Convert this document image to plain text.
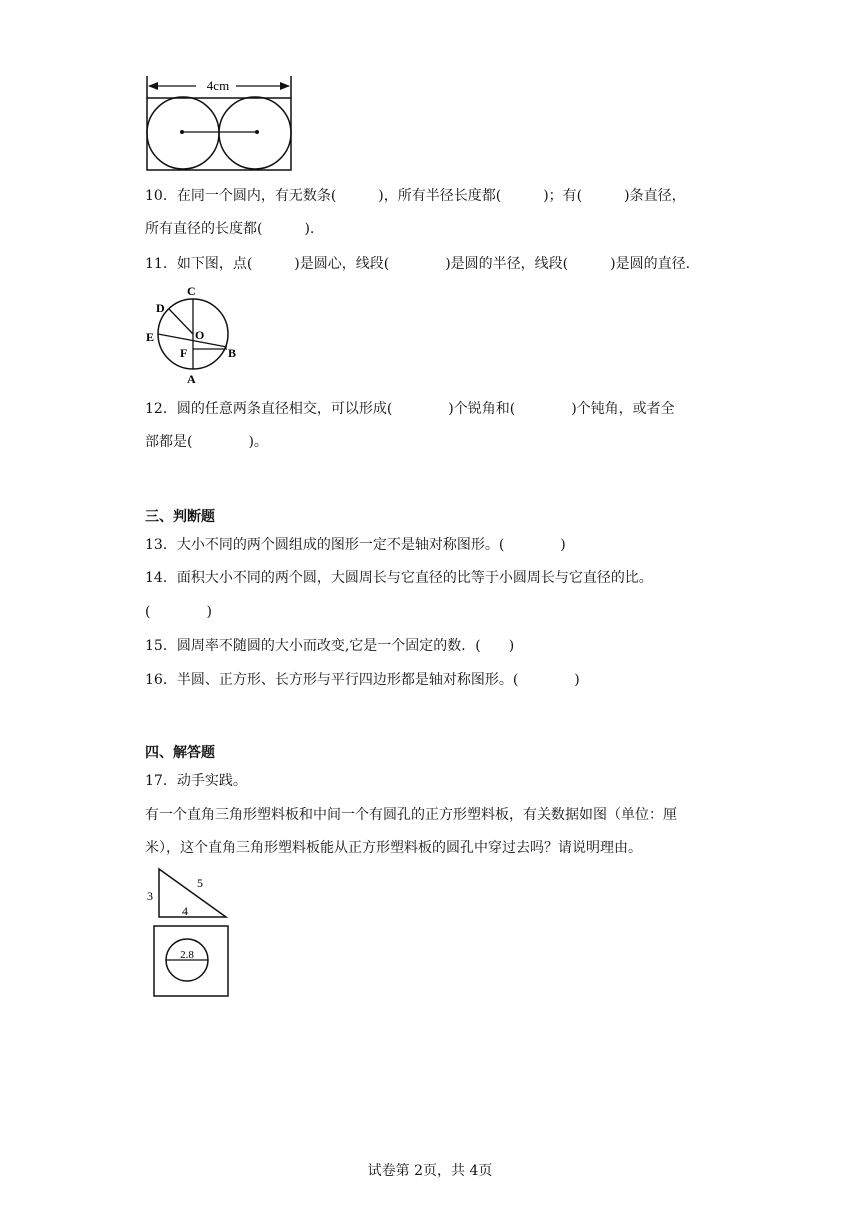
4cm
10．在同一个圆内，有无数条(　　　)，所有半径长度都(　　　)；有(　　　)条直径，
所有直径的长度都(　　　).
11．如下图，点(　　　)是圆心，线段(　　　　)是圆的半径，线段(　　　)是圆的直径.
C
D
O
E
F	B
A
12．圆的任意两条直径相交，可以形成(　　　　)个锐角和(　　　　)个钝角，或者全
部都是(　　　　)。
三、判断题
13．大小不同的两个圆组成的图形一定不是轴对称图形。(　　　　)
14．面积大小不同的两个圆，大圆周长与它直径的比等于小圆周长与它直径的比。
(　　　　)
15．圆周率不随圆的大小而改变,它是一个固定的数．(　　)
16．半圆、正方形、长方形与平行四边形都是轴对称图形。(　　　　)
四、解答题
17．动手实践。
有一个直角三角形塑料板和中间一个有圆孔的正方形塑料板，有关数据如图（单位：厘
米），这个直角三角形塑料板能从正方形塑料板的圆孔中穿过去吗？请说明理由。
3
4
5
2.8
试卷第 2页，共 4页
